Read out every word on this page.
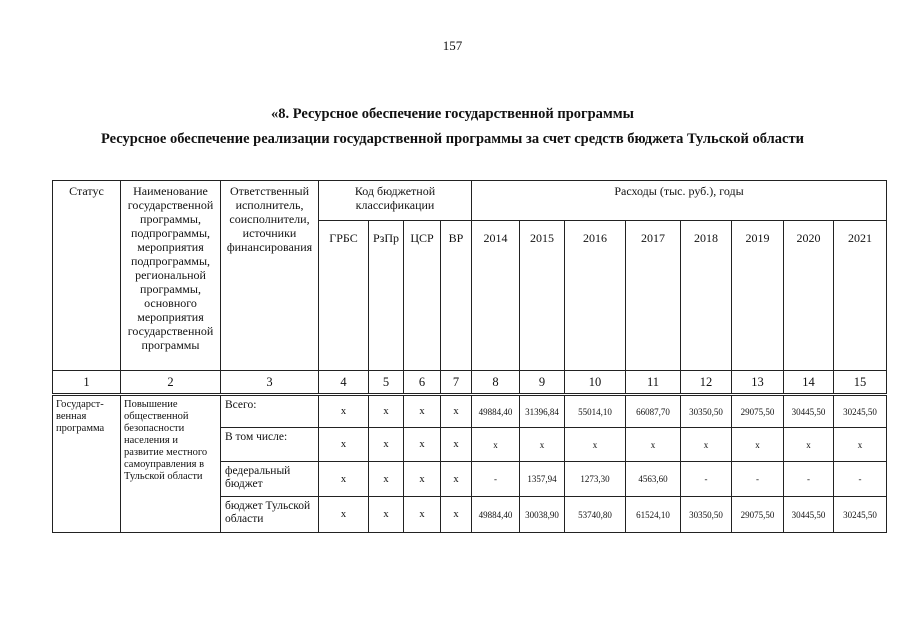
157
«8. Ресурсное обеспечение государственной программы
Ресурсное обеспечение реализации государственной программы за счет средств бюджета Тульской области
Статус	Наименование государственной программы, подпрограммы, мероприятия подпрограммы, региональной программы, основного мероприятия государственной программы	Ответственный исполнитель, соисполнители, источники финансирования	Код бюджетной классификации				Расходы (тыс. руб.), годы							
			ГРБС	РзПр	ЦСР	ВР	2014	2015	2016	2017	2018	2019	2020	2021
1	2	3	4	5	6	7	8	9	10	11	12	13	14	15
Государст-венная программа	Повышение общественной безопасности населения и развитие местного самоуправления в Тульской области	Всего:	x	x	x	x	49884,40	31396,84	55014,10	66087,70	30350,50	29075,50	30445,50	30245,50
		В том числе:	x	x	x	x	x	x	x	x	x	x	x	x
		федеральный бюджет	x	x	x	x	-	1357,94	1273,30	4563,60	-	-	-	-
		бюджет Тульской области	x	x	x	x	49884,40	30038,90	53740,80	61524,10	30350,50	29075,50	30445,50	30245,50
